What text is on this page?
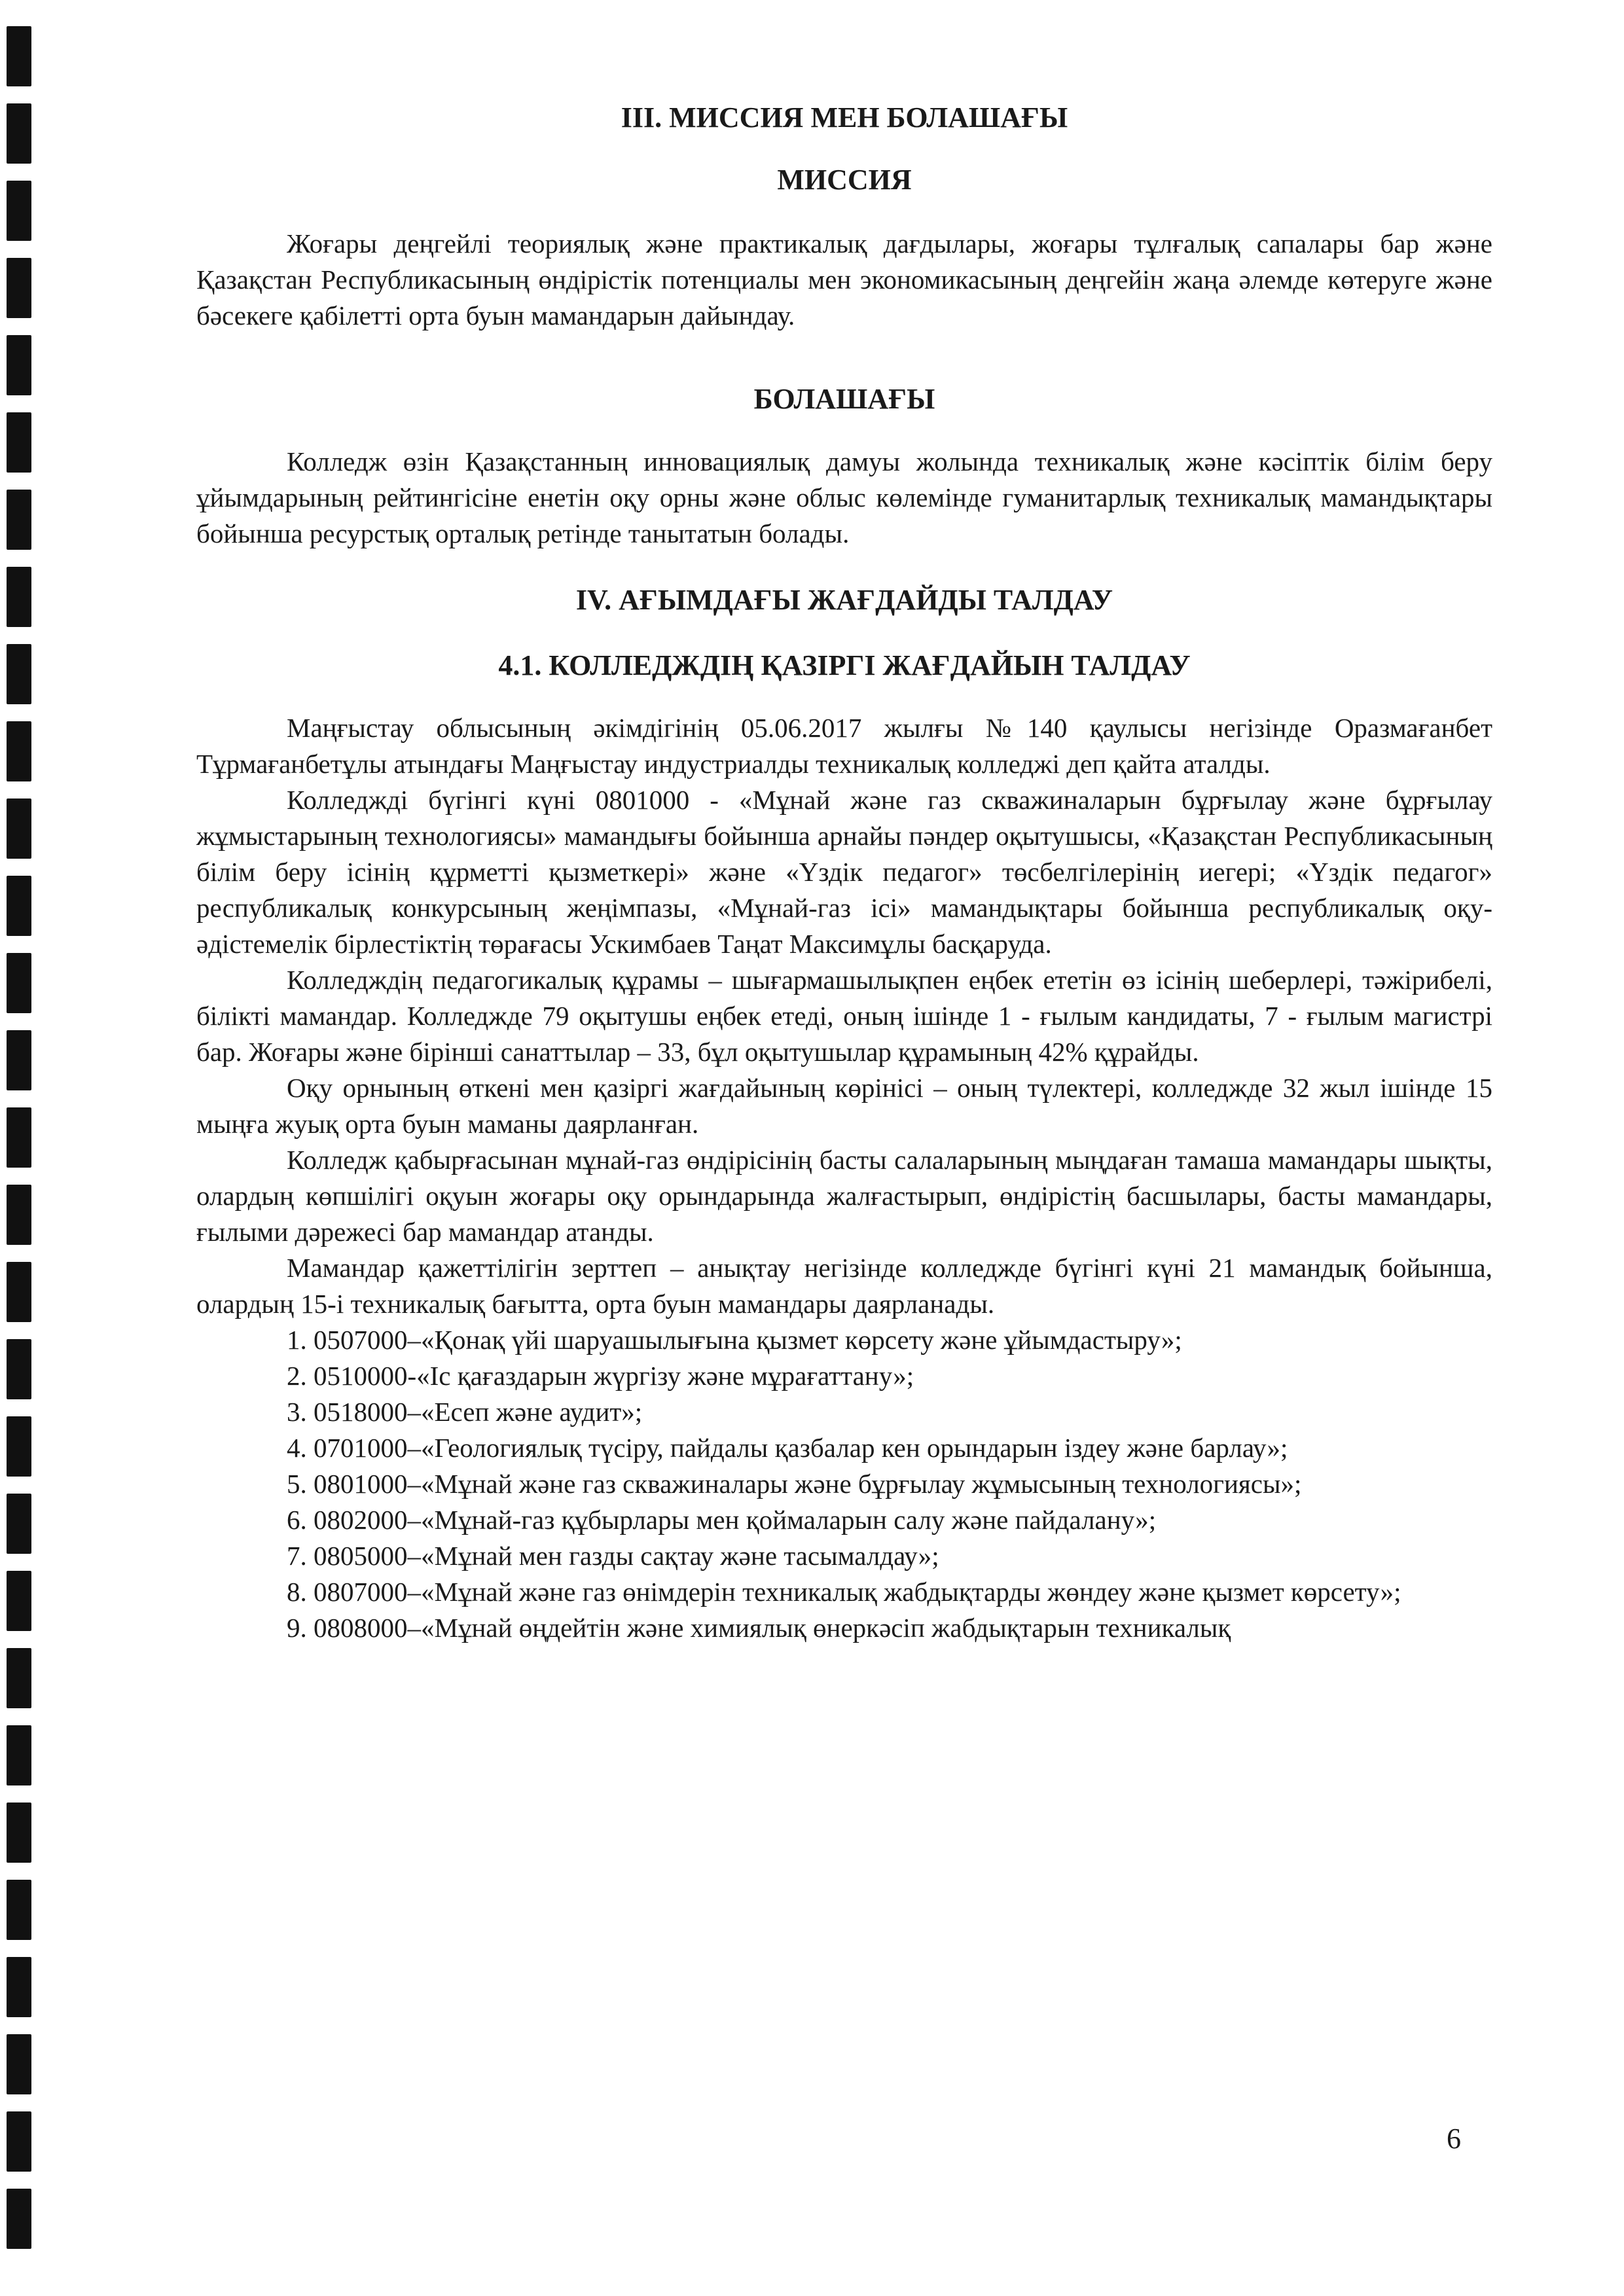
III. МИССИЯ МЕН БОЛАШАҒЫ
МИССИЯ

Жоғары деңгейлі теориялық және практикалық дағдылары, жоғары тұлғалық сапалары бар және Қазақстан Республикасының өндірістік потенциалы мен экономикасының деңгейін жаңа әлемде көтеруге және бәсекеге қабілетті орта буын мамандарын дайындау.

БОЛАШАҒЫ

Колледж өзін Қазақстанның инновациялық дамуы жолында техникалық және кәсіптік білім беру ұйымдарының рейтингісіне енетін оқу орны және облыс көлемінде гуманитарлық техникалық мамандықтары бойынша ресурстық орталық ретінде танытатын болады.

IV. АҒЫМДАҒЫ ЖАҒДАЙДЫ ТАЛДАУ
4.1. КОЛЛЕДЖДІҢ ҚАЗІРГІ ЖАҒДАЙЫН ТАЛДАУ

Маңғыстау облысының әкімдігінің 05.06.2017 жылғы №140 қаулысы негізінде Оразмағанбет Тұрмағанбетұлы атындағы Маңғыстау индустриалды техникалық колледжі деп қайта аталды.

Колледжді бүгінгі күні 0801000 - «Мұнай және газ скважиналарын бұрғылау және бұрғылау жұмыстарының технологиясы» мамандығы бойынша арнайы пәндер оқытушысы, «Қазақстан Республикасының білім беру ісінің құрметті қызметкері» және «Үздік педагог» төсбелгілерінің иегері; «Үздік педагог» республикалық конкурсының жеңімпазы, «Мұнай-газ ісі» мамандықтары бойынша республикалық оқу-әдістемелік бірлестіктің төрағасы Ускимбаев Таңат Максимұлы басқаруда.

Колледждің педагогикалық құрамы – шығармашылықпен еңбек ететін өз ісінің шеберлері, тәжірибелі, білікті мамандар. Колледжде 79 оқытушы еңбек етеді, оның ішінде 1 - ғылым кандидаты, 7 - ғылым магистрі бар. Жоғары және бірінші санаттылар – 33, бұл оқытушылар құрамының 42% құрайды.

Оқу орнының өткені мен қазіргі жағдайының көрінісі – оның түлектері, колледжде 32 жыл ішінде 15 мыңға жуық орта буын маманы даярланған.

Колледж қабырғасынан мұнай-газ өндірісінің басты салаларының мыңдаған тамаша мамандары шықты, олардың көпшілігі оқуын жоғары оқу орындарында жалғастырып, өндірістің басшылары, басты мамандары, ғылыми дәрежесі бар мамандар атанды.

Мамандар қажеттілігін зерттеп – анықтау негізінде колледжде бүгінгі күні 21 мамандық бойынша, олардың 15-і техникалық бағытта, орта буын мамандары даярланады.

1. 0507000–«Қонақ үйі шаруашылығына қызмет көрсету және ұйымдастыру»;

2. 0510000-«Іс қағаздарын жүргізу және мұрағаттану»;

3. 0518000–«Есеп және аудит»;

4. 0701000–«Геологиялық түсіру, пайдалы қазбалар кен орындарын іздеу және барлау»;

5. 0801000–«Мұнай және газ скважиналары және бұрғылау жұмысының технологиясы»;

6. 0802000–«Мұнай-газ құбырлары мен қоймаларын салу және пайдалану»;

7. 0805000–«Мұнай мен газды сақтау және тасымалдау»;

8. 0807000–«Мұнай және газ өнімдерін техникалық жабдықтарды жөндеу және қызмет көрсету»;

9. 0808000–«Мұнай өңдейтін және химиялық өнеркәсіп жабдықтарын техникалық

6
